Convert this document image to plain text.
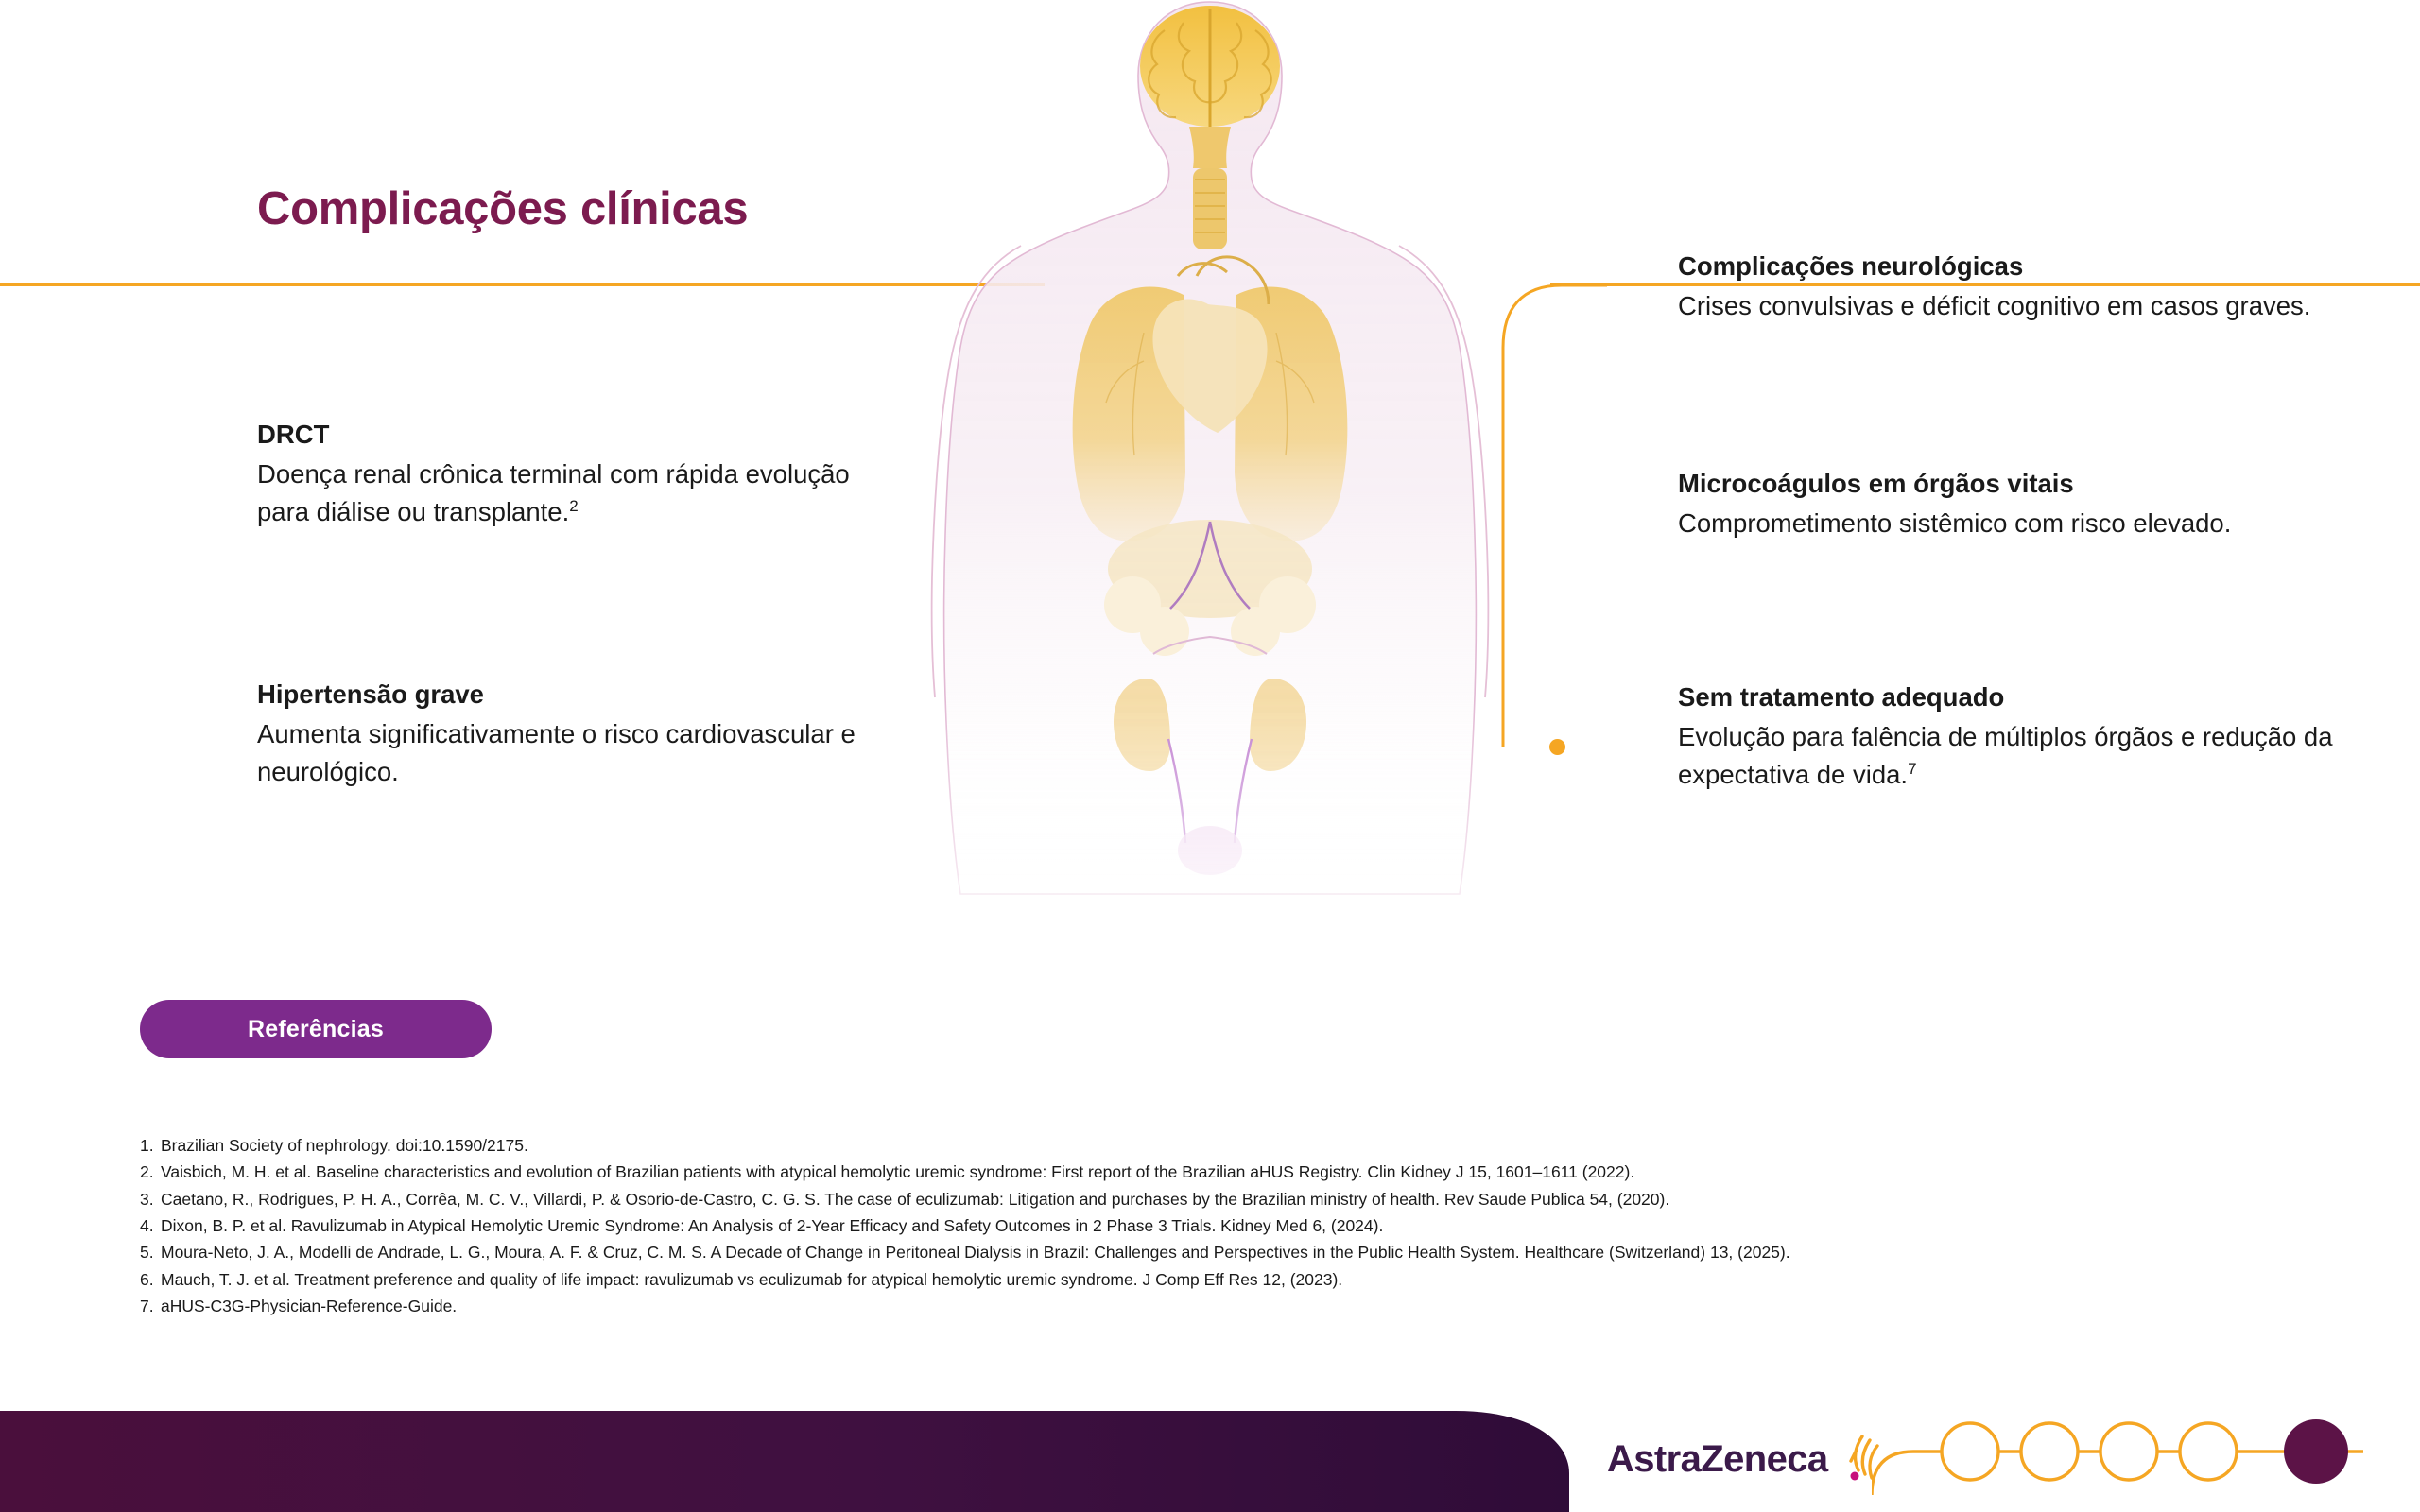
Complicações clínicas
DRCT

Doença renal crônica terminal com rápida evolução para diálise ou transplante.$^2$

Hipertensão grave

Aumenta significativamente o risco cardiovascular e neurológico.

Complicações neurológicas

Crises convulsivas e déficit cognitivo em casos graves.

Microcoágulos em órgãos vitais

Comprometimento sistêmico com risco elevado.

Sem tratamento adequado

Evolução para falência de múltiplos órgãos e redução da expectativa de vida.$^7$

Referências
1. Brazilian Society of nephrology. doi:10.1590/2175.
2. Vaisbich, M. H. et al. Baseline characteristics and evolution of Brazilian patients with atypical hemolytic uremic syndrome: First report of the Brazilian aHUS Registry. Clin Kidney J 15, 1601–1611 (2022).
3. Caetano, R., Rodrigues, P. H. A., Corrêa, M. C. V., Villardi, P. & Osorio-de-Castro, C. G. S. The case of eculizumab: Litigation and purchases by the Brazilian ministry of health. Rev Saude Publica 54, (2020).
4. Dixon, B. P. et al. Ravulizumab in Atypical Hemolytic Uremic Syndrome: An Analysis of 2-Year Efficacy and Safety Outcomes in 2 Phase 3 Trials. Kidney Med 6, (2024).
5. Moura-Neto, J. A., Modelli de Andrade, L. G., Moura, A. F. & Cruz, C. M. S. A Decade of Change in Peritoneal Dialysis in Brazil: Challenges and Perspectives in the Public Health System. Healthcare (Switzerland) 13, (2025).
6. Mauch, T. J. et al. Treatment preference and quality of life impact: ravulizumab vs eculizumab for atypical hemolytic uremic syndrome. J Comp Eff Res 12, (2023).
7. aHUS-C3G-Physician-Reference-Guide.
AstraZeneca
